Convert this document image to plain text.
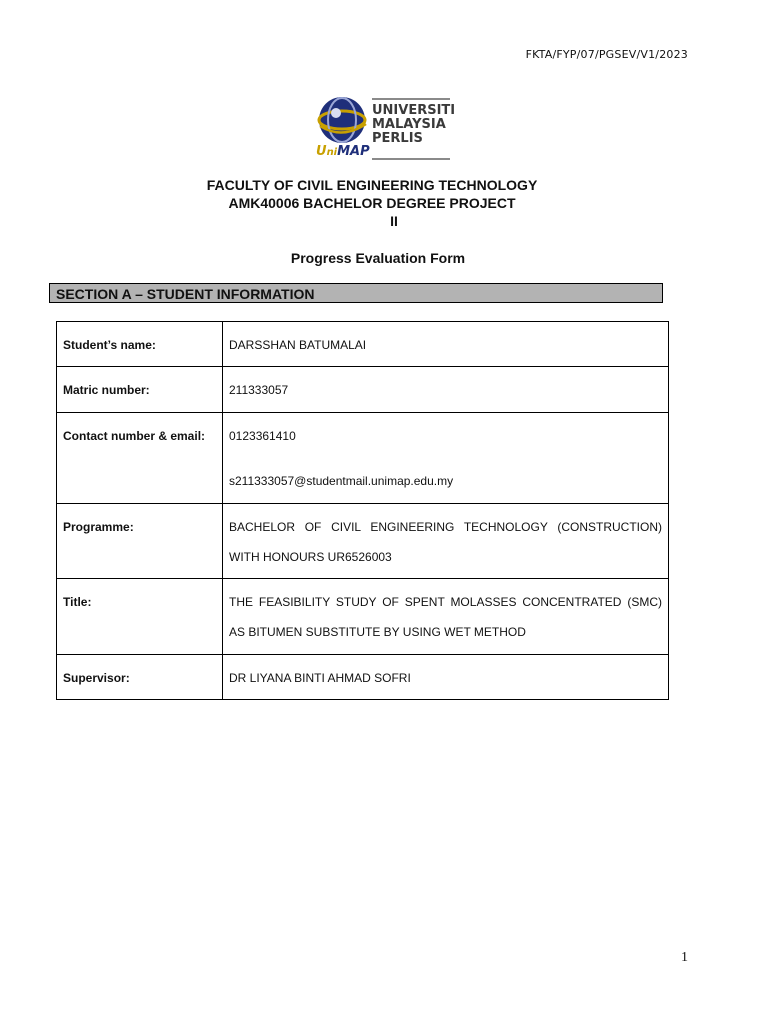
FKTA/FYP/07/PGSEV/V1/2023
UNIVERSITI
MALAYSIA
PERLIS
UniMAP
FACULTY OF CIVIL ENGINEERING TECHNOLOGY
AMK40006 BACHELOR DEGREE PROJECT
II
Progress Evaluation Form
SECTION A – STUDENT INFORMATION
Student’s name:	DARSSHAN BATUMALAI

Matric number:	211333057

Contact number & email:	0123361410
s211333057@studentmail.unimap.edu.my

Programme:	BACHELOR OF CIVIL ENGINEERING TECHNOLOGY (CONSTRUCTION)
WITH HONOURS UR6526003

Title:	THE FEASIBILITY STUDY OF SPENT MOLASSES CONCENTRATED (SMC)
AS BITUMEN SUBSTITUTE BY USING WET METHOD

Supervisor:	DR LIYANA BINTI AHMAD SOFRI
1
